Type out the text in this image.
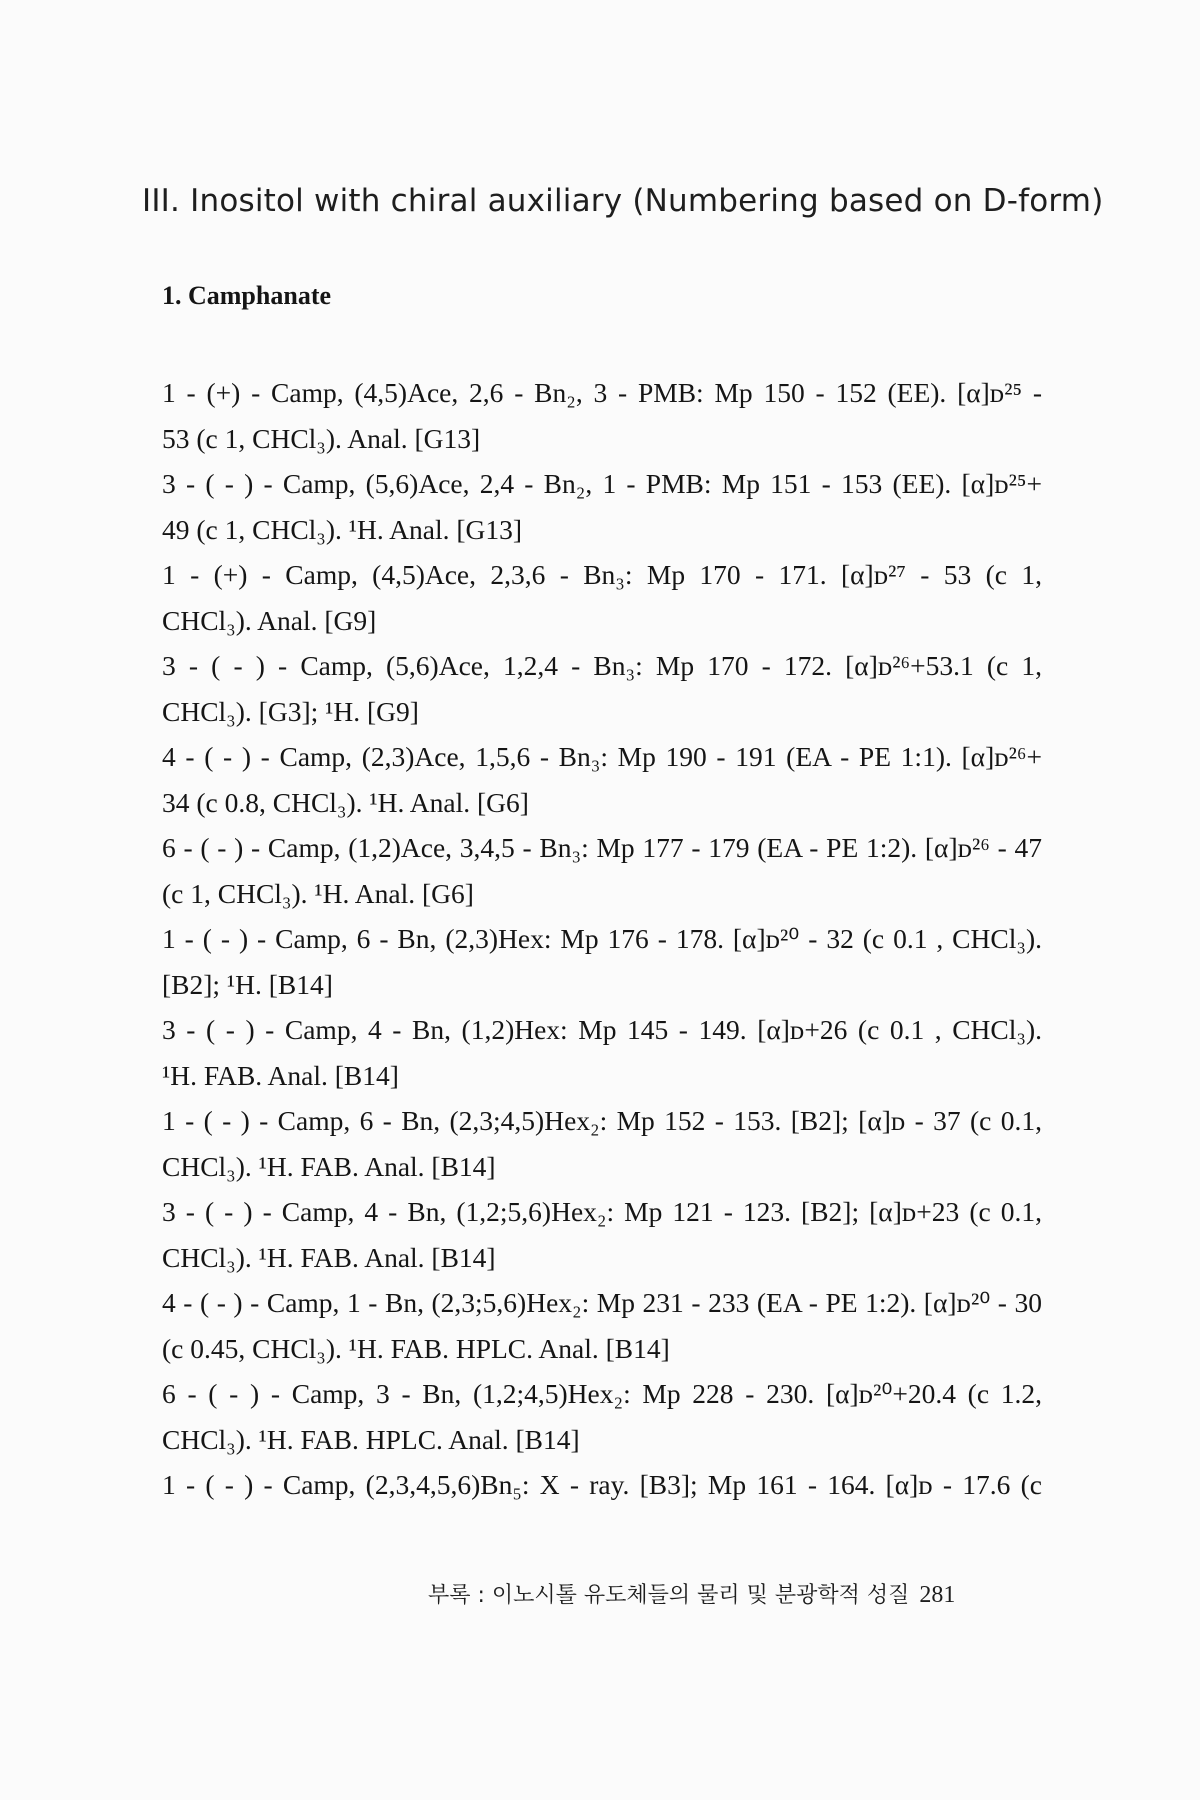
III. Inositol with chiral auxiliary (Numbering based on D-form)
1. Camphanate
1 - (+) - Camp, (4,5)Ace, 2,6 - Bn₂, 3 - PMB: Mp 150 - 152 (EE). [α]ᴅ²⁵ -
53 (c 1, CHCl₃). Anal. [G13]
3 - ( - ) - Camp, (5,6)Ace, 2,4 - Bn₂, 1 - PMB: Mp 151 - 153 (EE). [α]ᴅ²⁵+
49 (c 1, CHCl₃). ¹H. Anal. [G13]
1 - (+) - Camp, (4,5)Ace, 2,3,6 - Bn₃: Mp 170 - 171. [α]ᴅ²⁷ - 53 (c 1,
CHCl₃). Anal. [G9]
3 - ( - ) - Camp, (5,6)Ace, 1,2,4 - Bn₃: Mp 170 - 172. [α]ᴅ²⁶+53.1 (c 1,
CHCl₃). [G3]; ¹H. [G9]
4 - ( - ) - Camp, (2,3)Ace, 1,5,6 - Bn₃: Mp 190 - 191 (EA - PE 1:1). [α]ᴅ²⁶+
34 (c 0.8, CHCl₃). ¹H. Anal. [G6]
6 - ( - ) - Camp, (1,2)Ace, 3,4,5 - Bn₃: Mp 177 - 179 (EA - PE 1:2). [α]ᴅ²⁶ - 47
(c 1, CHCl₃). ¹H. Anal. [G6]
1 - ( - ) - Camp, 6 - Bn, (2,3)Hex: Mp 176 - 178. [α]ᴅ²⁰ - 32 (c 0.1 , CHCl₃).
[B2]; ¹H. [B14]
3 - ( - ) - Camp, 4 - Bn, (1,2)Hex: Mp 145 - 149. [α]ᴅ+26 (c 0.1 , CHCl₃).
¹H. FAB. Anal. [B14]
1 - ( - ) - Camp, 6 - Bn, (2,3;4,5)Hex₂: Mp 152 - 153. [B2]; [α]ᴅ - 37 (c 0.1,
CHCl₃). ¹H. FAB. Anal. [B14]
3 - ( - ) - Camp, 4 - Bn, (1,2;5,6)Hex₂: Mp 121 - 123. [B2]; [α]ᴅ+23 (c 0.1,
CHCl₃). ¹H. FAB. Anal. [B14]
4 - ( - ) - Camp, 1 - Bn, (2,3;5,6)Hex₂: Mp 231 - 233 (EA - PE 1:2). [α]ᴅ²⁰ - 30
(c 0.45, CHCl₃). ¹H. FAB. HPLC. Anal. [B14]
6 - ( - ) - Camp, 3 - Bn, (1,2;4,5)Hex₂: Mp 228 - 230. [α]ᴅ²⁰+20.4 (c 1.2,
CHCl₃). ¹H. FAB. HPLC. Anal. [B14]
1 - ( - ) - Camp, (2,3,4,5,6)Bn₅: X - ray. [B3]; Mp 161 - 164. [α]ᴅ - 17.6 (c
부록 : 이노시톨 유도체들의 물리 및 분광학적 성질 281
